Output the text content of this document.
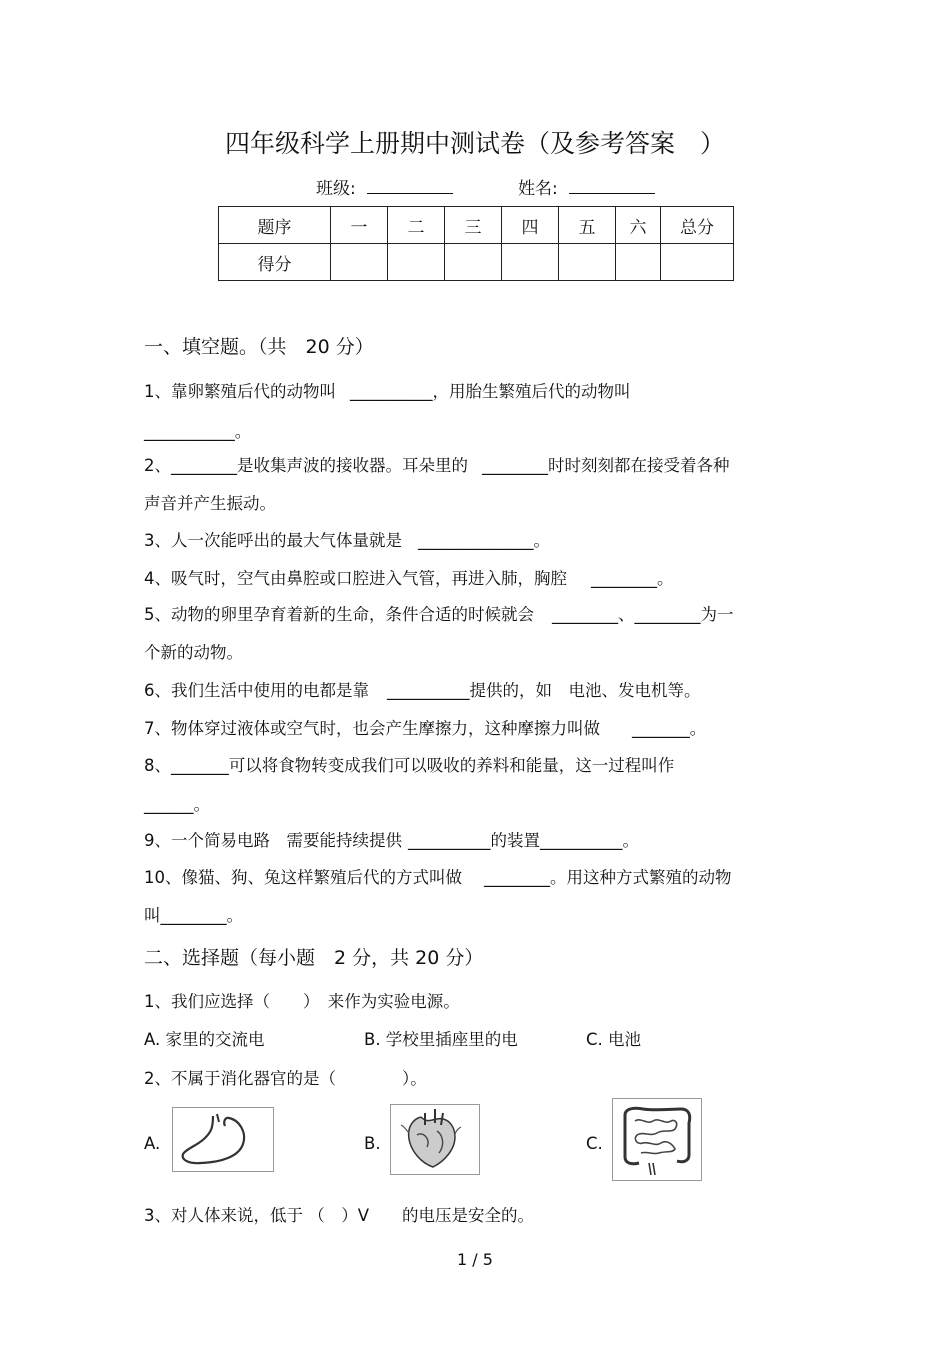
四年级科学上册期中测试卷（及参考答案　）
班级:	姓名:
题序	一	二	三	四	五	六	总分
得分							
一、填空题。（共　20 分）
1、靠卵繁殖后代的动物叫 __________，用胎生繁殖后代的动物叫
___________。
2、________是收集声波的接收器。耳朵里的 ________时时刻刻都在接受着各种
声音并产生振动。
3、人一次能呼出的最大气体量就是 ______________。
4、吸气时，空气由鼻腔或口腔进入气管，再进入肺，胸腔 ________。
5、动物的卵里孕育着新的生命，条件合适的时候就会 ________、________为一
个新的动物。
6、我们生活中使用的电都是靠 __________提供的，如　电池、发电机等。
7、物体穿过液体或空气时，也会产生摩擦力，这种摩擦力叫做 _______。
8、_______可以将食物转变成我们可以吸收的养料和能量，这一过程叫作
______。
9、一个简易电路　需要能持续提供 __________的装置__________。
10、像猫、狗、兔这样繁殖后代的方式叫做 ________。用这种方式繁殖的动物
叫________。
二、选择题（每小题　2 分，共 20 分）
1、我们应选择（　　）　来作为实验电源。
A. 家里的交流电	B. 学校里插座里的电	C. 电池
2、不属于消化器官的是（　　　　）。
A.	B.	C.
3、对人体来说，低于 （　）V　　的电压是安全的。
1 / 5
